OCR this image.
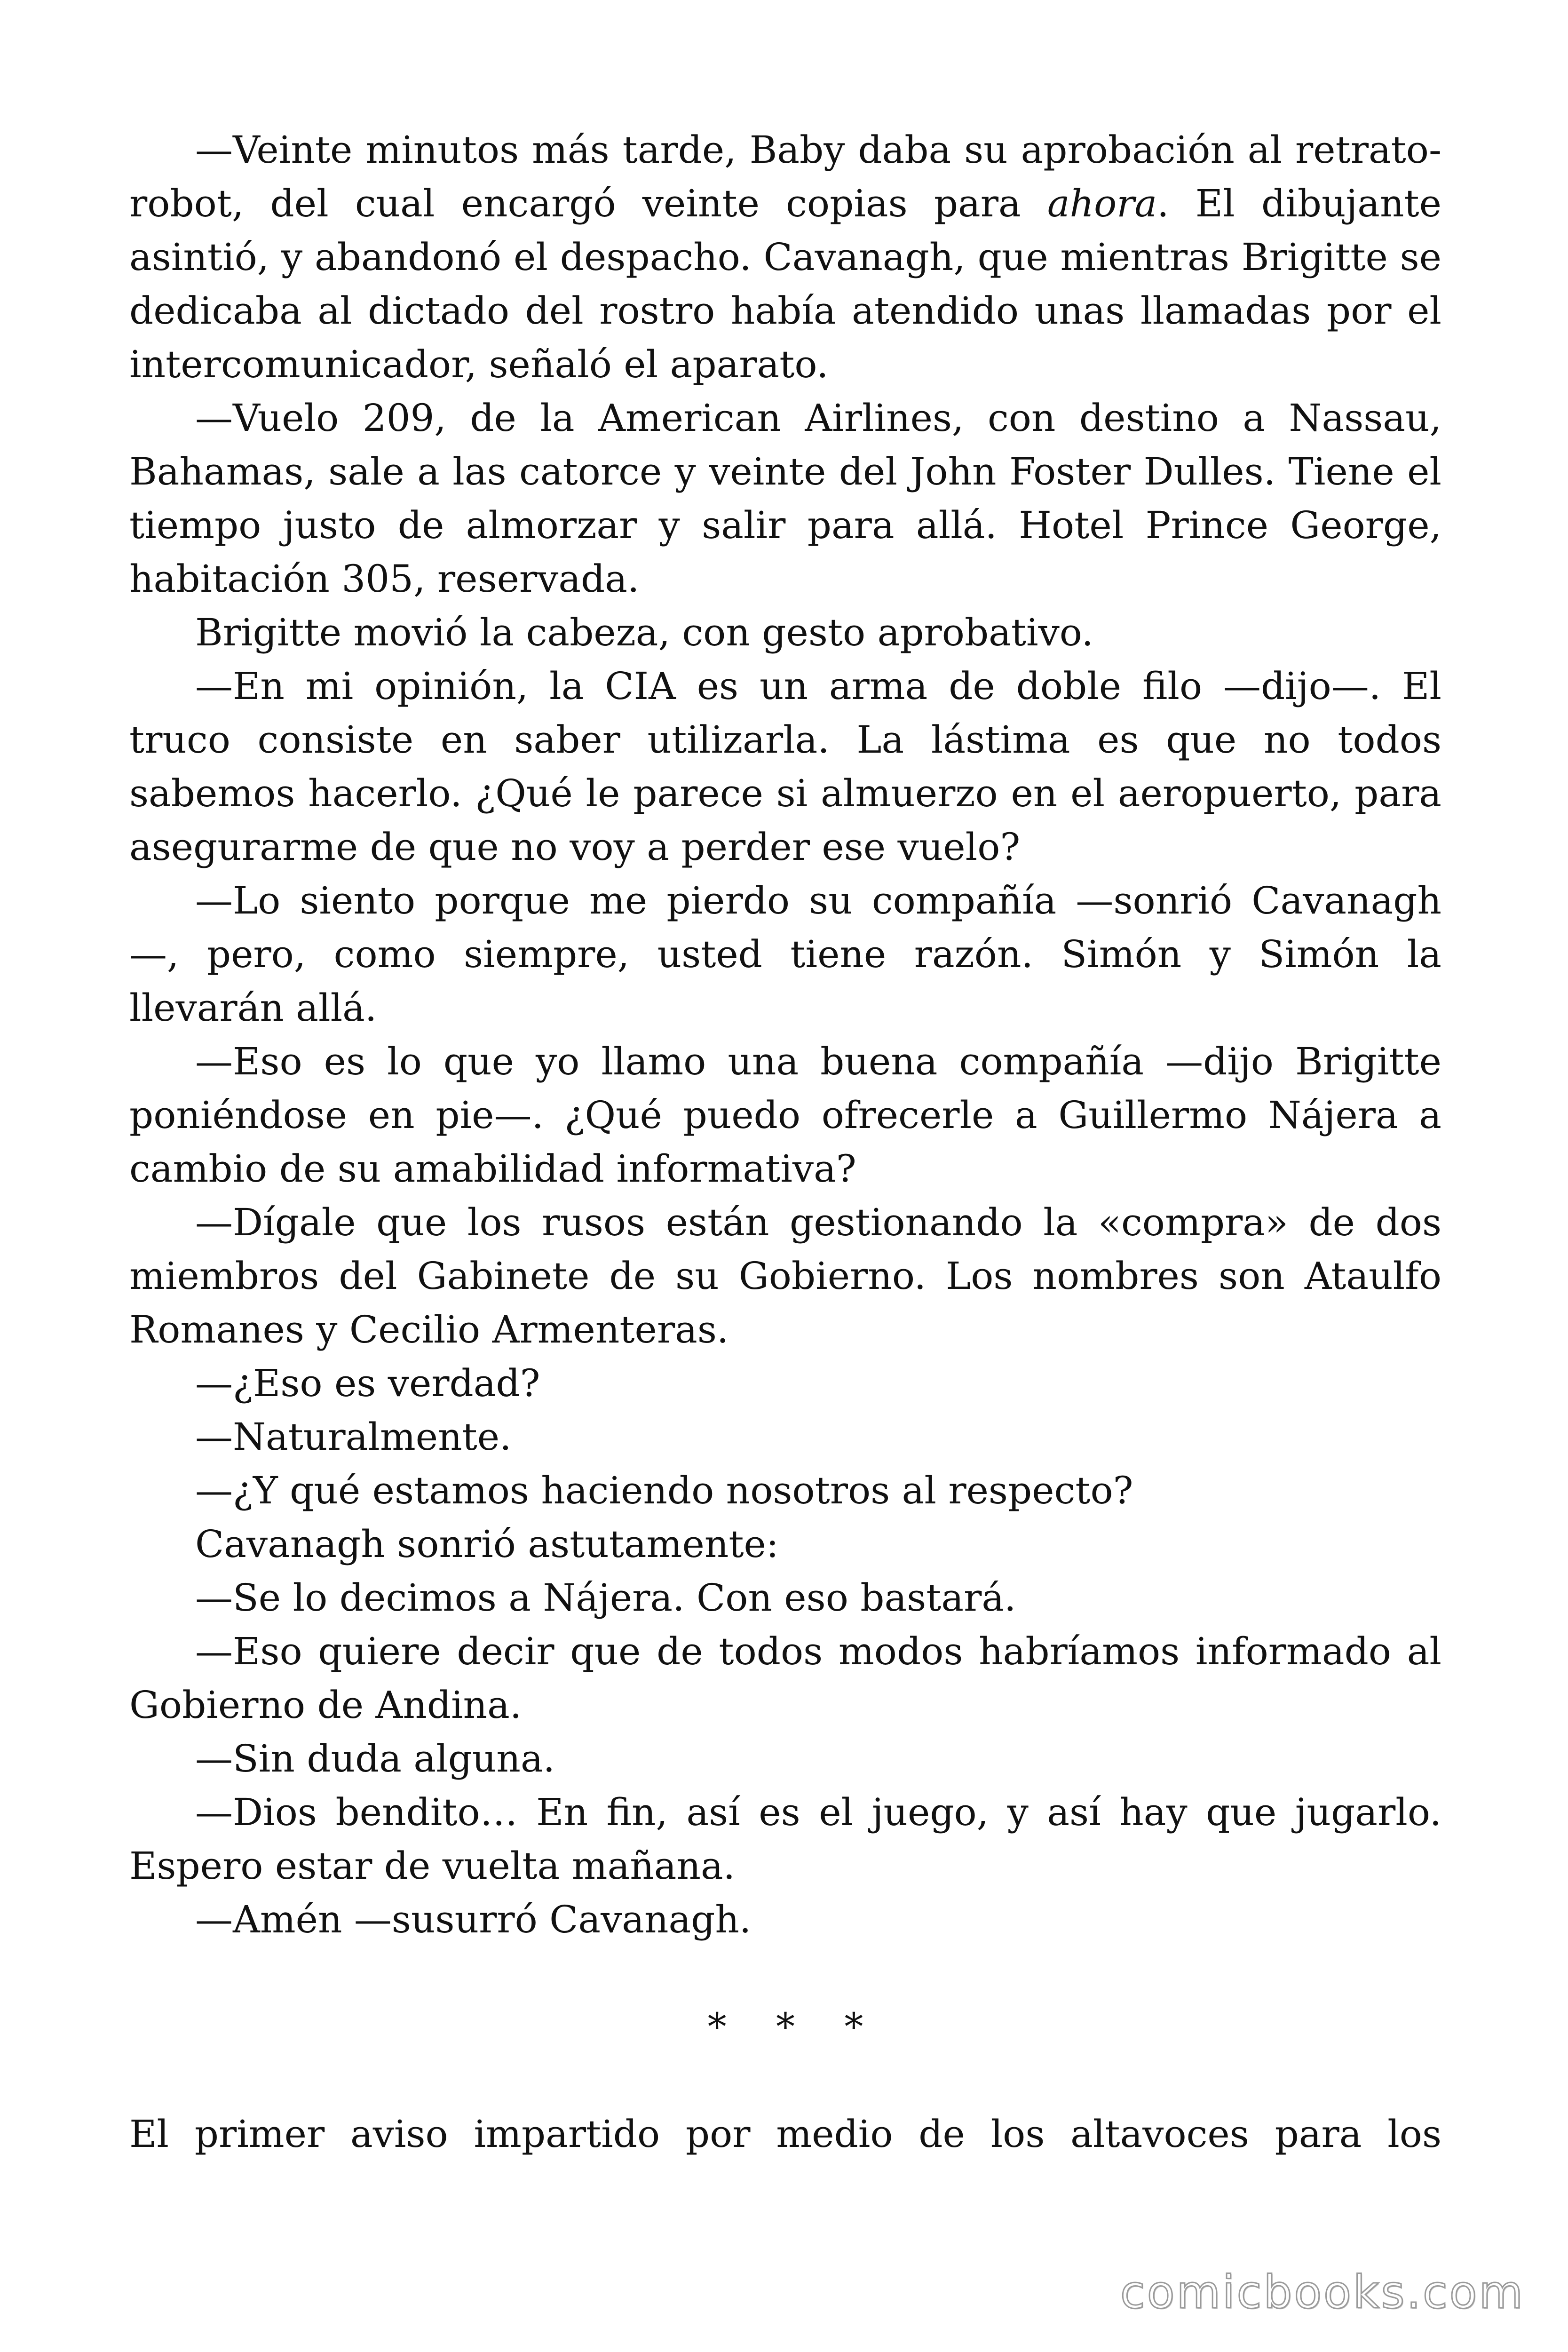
—Veinte minutos más tarde, Baby daba su aprobación al retrato-robot, del cual encargó veinte copias para ahora. El dibujante asintió, y abandonó el despacho. Cavanagh, que mientras Brigitte se dedicaba al dictado del rostro había atendido unas llamadas por el intercomunicador, señaló el aparato.

—Vuelo 209, de la American Airlines, con destino a Nassau, Bahamas, sale a las catorce y veinte del John Foster Dulles. Tiene el tiempo justo de almorzar y salir para allá. Hotel Prince George, habitación 305, reservada.

Brigitte movió la cabeza, con gesto aprobativo.

—En mi opinión, la CIA es un arma de doble filo —dijo—. El truco consiste en saber utilizarla. La lástima es que no todos sabemos hacerlo. ¿Qué le parece si almuerzo en el aeropuerto, para asegurarme de que no voy a perder ese vuelo?

—Lo siento porque me pierdo su compañía —sonrió Cavanagh —, pero, como siempre, usted tiene razón. Simón y Simón la llevarán allá.

—Eso es lo que yo llamo una buena compañía —dijo Brigitte poniéndose en pie—. ¿Qué puedo ofrecerle a Guillermo Nájera a cambio de su amabilidad informativa?

—Dígale que los rusos están gestionando la «compra» de dos miembros del Gabinete de su Gobierno. Los nombres son Ataulfo Romanes y Cecilio Armenteras.

—¿Eso es verdad?

—Naturalmente.

—¿Y qué estamos haciendo nosotros al respecto?

Cavanagh sonrió astutamente:

—Se lo decimos a Nájera. Con eso bastará.

—Eso quiere decir que de todos modos habríamos informado al Gobierno de Andina.

—Sin duda alguna.

—Dios bendito… En fin, así es el juego, y así hay que jugarlo. Espero estar de vuelta mañana.

—Amén —susurró Cavanagh.

* * *

El primer aviso impartido por medio de los altavoces para los

comicbooks.com
